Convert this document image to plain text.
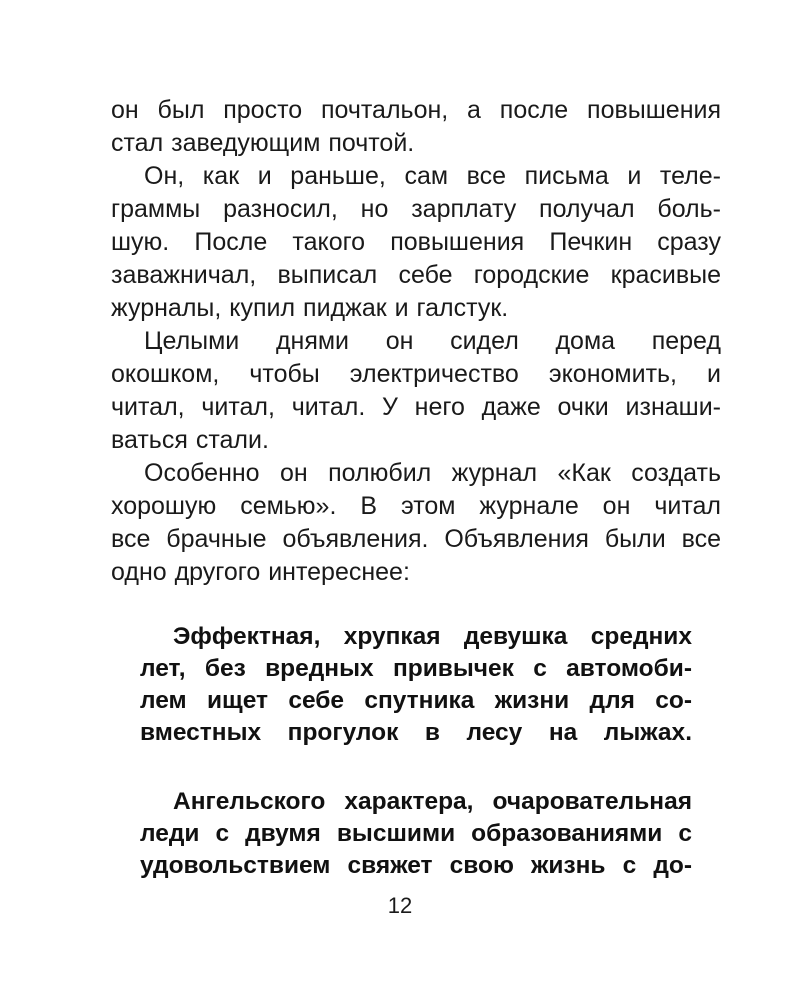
он был просто почтальон, а после повышения
стал заведующим почтой.
Он, как и раньше, сам все письма и теле-
граммы разносил, но зарплату получал боль-
шую. После такого повышения Печкин сразу
заважничал, выписал себе городские красивые
журналы, купил пиджак и галстук.
Целыми днями он сидел дома перед
окошком, чтобы электричество экономить, и
читал, читал, читал. У него даже очки изнаши-
ваться стали.
Особенно он полюбил журнал «Как создать
хорошую семью». В этом журнале он читал
все брачные объявления. Объявления были все
одно другого интереснее:
Эффектная, хрупкая девушка средних
лет, без вредных привычек с автомоби-
лем ищет себе спутника жизни для со-
вместных прогулок в лесу на лыжах.
Ангельского характера, очаровательная
леди с двумя высшими образованиями с
удовольствием свяжет свою жизнь с до-
12
